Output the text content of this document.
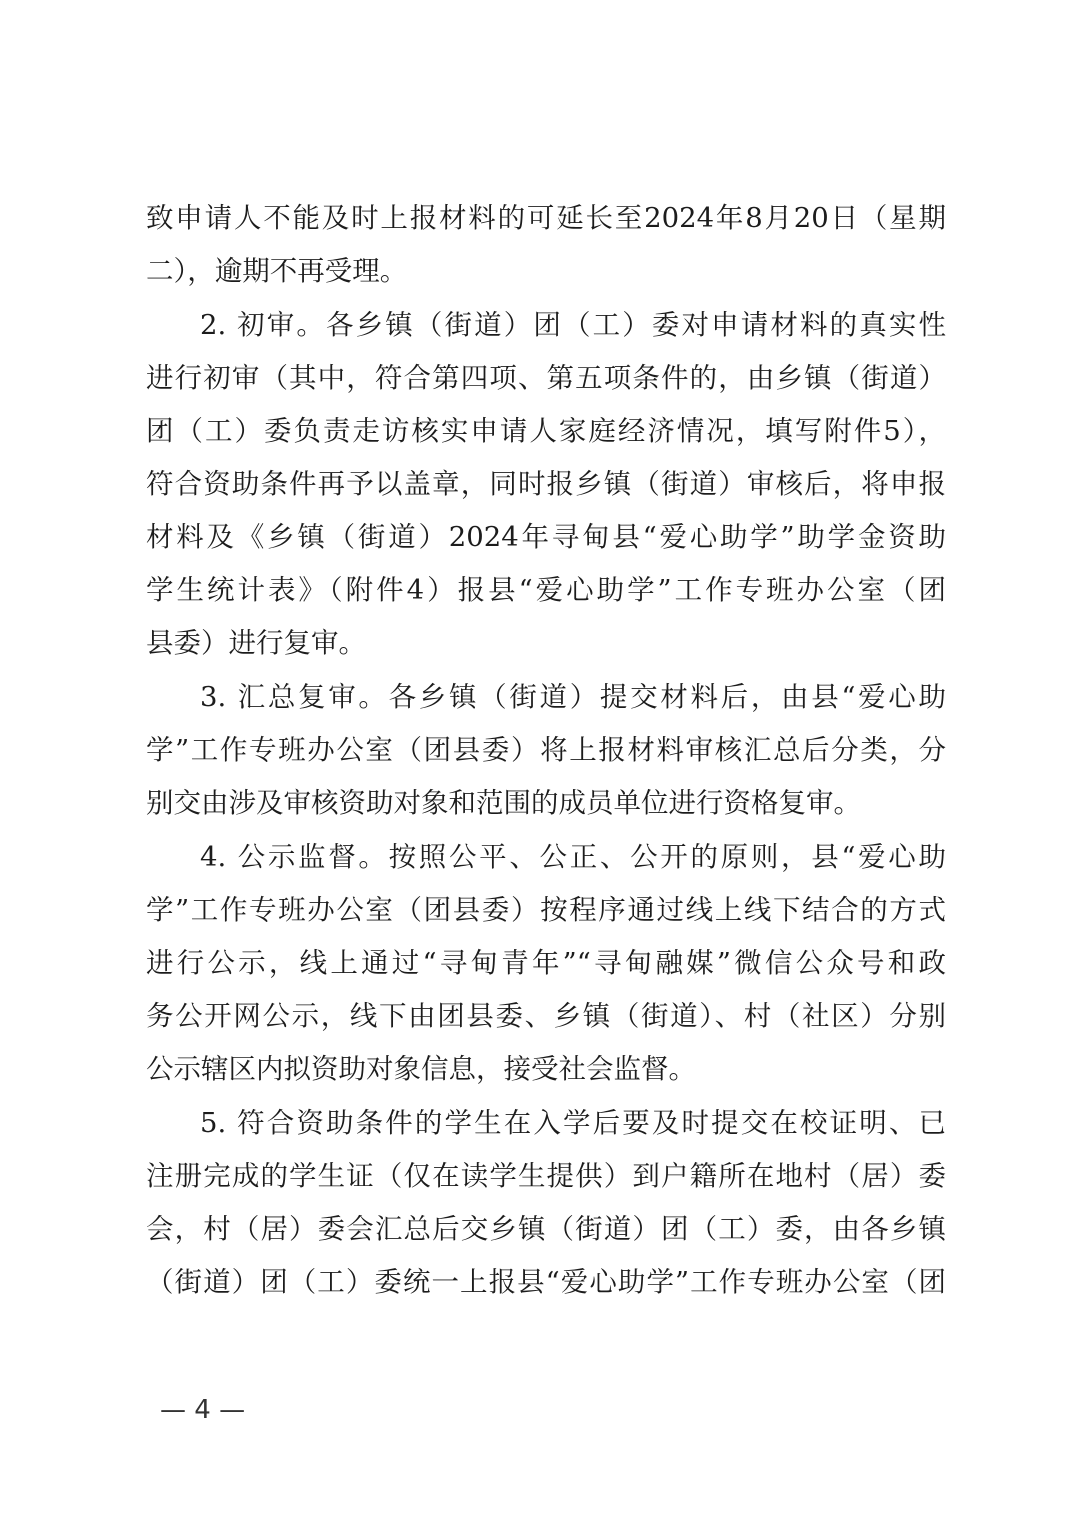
致申请人不能及时上报材料的可延长至2024年8月20日（星期
二），逾期不再受理。
2. 初审。各乡镇（街道）团（工）委对申请材料的真实性
进行初审（其中，符合第四项、第五项条件的，由乡镇（街道）
团（工）委负责走访核实申请人家庭经济情况，填写附件5），
符合资助条件再予以盖章，同时报乡镇（街道）审核后，将申报
材料及《乡镇（街道）2024年寻甸县“爱心助学”助学金资助
学生统计表》（附件4）报县“爱心助学”工作专班办公室（团
县委）进行复审。
3. 汇总复审。各乡镇（街道）提交材料后，由县“爱心助
学”工作专班办公室（团县委）将上报材料审核汇总后分类，分
别交由涉及审核资助对象和范围的成员单位进行资格复审。
4. 公示监督。按照公平、公正、公开的原则，县“爱心助
学”工作专班办公室（团县委）按程序通过线上线下结合的方式
进行公示，线上通过“寻甸青年”“寻甸融媒”微信公众号和政
务公开网公示，线下由团县委、乡镇（街道）、村（社区）分别
公示辖区内拟资助对象信息，接受社会监督。
5. 符合资助条件的学生在入学后要及时提交在校证明、已
注册完成的学生证（仅在读学生提供）到户籍所在地村（居）委
会，村（居）委会汇总后交乡镇（街道）团（工）委，由各乡镇
（街道）团（工）委统一上报县“爱心助学”工作专班办公室（团
— 4 —
